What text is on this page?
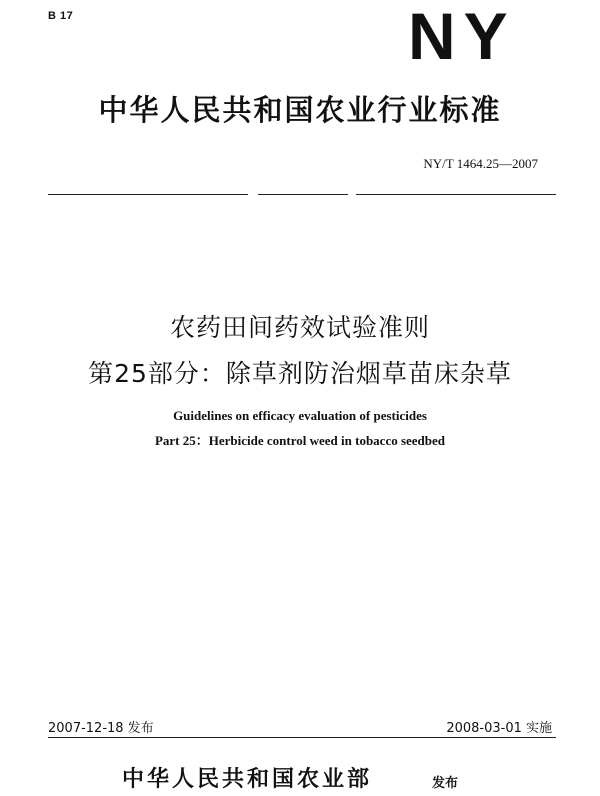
B 17	NY
中华人民共和国农业行业标准
NY/T 1464.25—2007
农药田间药效试验准则
第25部分：除草剂防治烟草苗床杂草
Guidelines on efficacy evaluation of pesticides
Part 25：Herbicide control weed in tobacco seedbed
2007-12-18 发布	2008-03-01 实施
中华人民共和国农业部	发布
